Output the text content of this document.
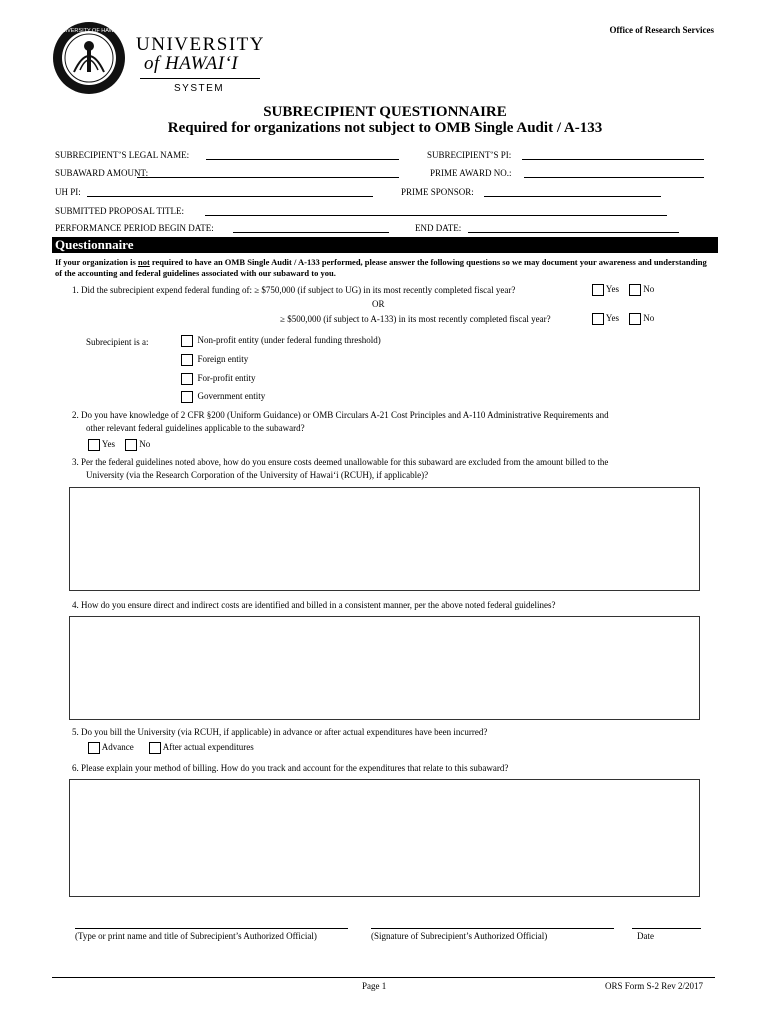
Office of Research Services
UNIVERSITY OF HAWAII
UNIVERSITY
of HAWAIʻI
SYSTEM
SUBRECIPIENT QUESTIONNAIRE
Required for organizations not subject to OMB Single Audit / A-133
SUBRECIPIENT’S LEGAL NAME:	SUBRECIPIENT’S PI:
SUBAWARD AMOUNT:	PRIME AWARD NO.:
UH PI:	PRIME SPONSOR:
SUBMITTED PROPOSAL TITLE:
PERFORMANCE PERIOD BEGIN DATE:	END DATE:
Questionnaire
If your organization is not required to have an OMB Single Audit / A-133 performed, please answer the following questions so we may document your awareness and understanding of the accounting and federal guidelines associated with our subaward to you.
1. Did the subrecipient expend federal funding of: ≥ $750,000 (if subject to UG) in its most recently completed fiscal year?	Yes	No
OR
≥ $500,000 (if subject to A-133) in its most recently completed fiscal year?	Yes	No
Subrecipient is a:	Non-profit entity (under federal funding threshold)
Foreign entity
For-profit entity
Government entity
2. Do you have knowledge of 2 CFR §200 (Uniform Guidance) or OMB Circulars A-21 Cost Principles and A-110 Administrative Requirements and
other relevant federal guidelines applicable to the subaward?
Yes	No
3. Per the federal guidelines noted above, how do you ensure costs deemed unallowable for this subaward are excluded from the amount billed to the
University (via the Research Corporation of the University of Hawaiʻi (RCUH), if applicable)?
4. How do you ensure direct and indirect costs are identified and billed in a consistent manner, per the above noted federal guidelines?
5. Do you bill the University (via RCUH, if applicable) in advance or after actual expenditures have been incurred?
Advance	After actual expenditures
6. Please explain your method of billing. How do you track and account for the expenditures that relate to this subaward?
(Type or print name and title of Subrecipient’s Authorized Official)	(Signature of Subrecipient’s Authorized Official)	Date
Page 1	ORS Form S-2 Rev 2/2017
